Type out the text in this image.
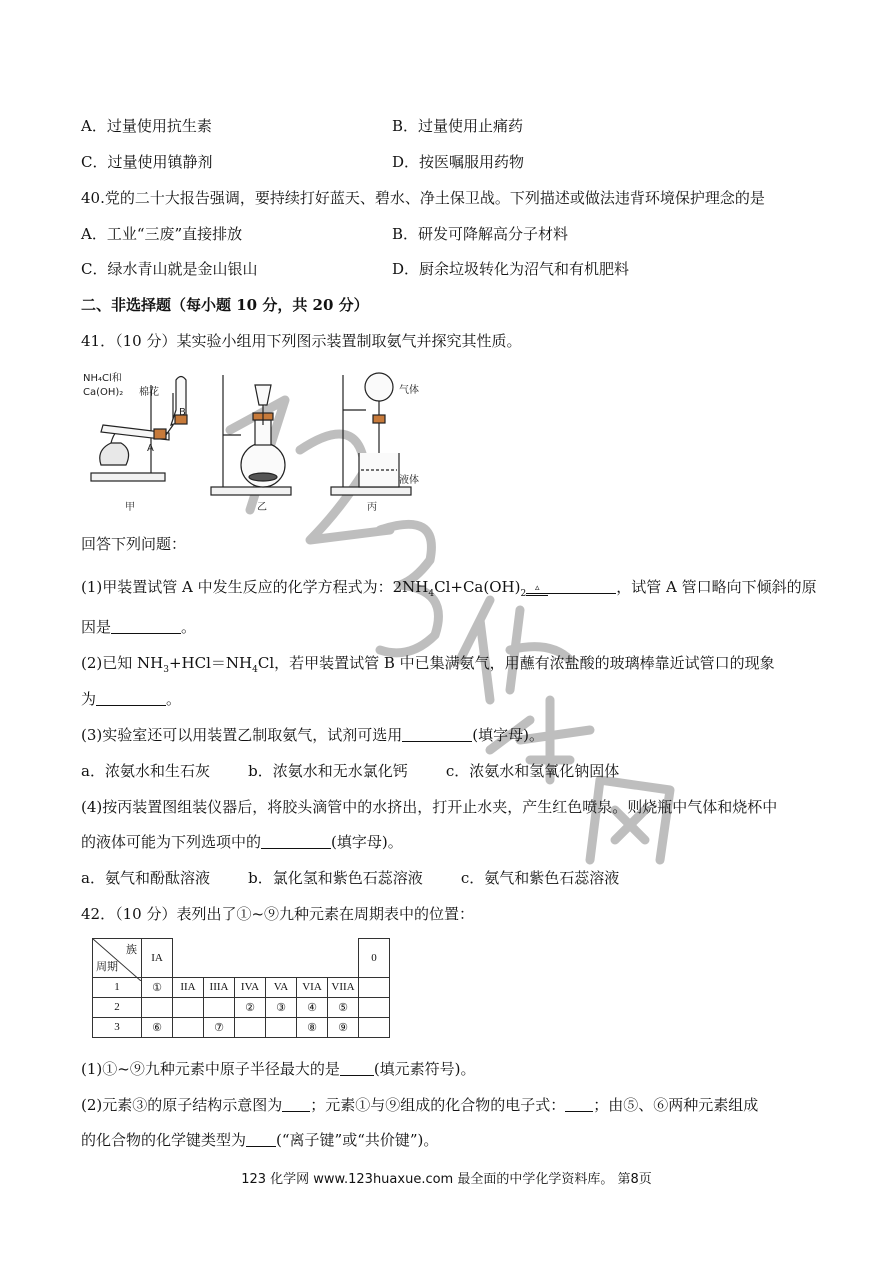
A．过量使用抗生素	B．过量使用止痛药
C．过量使用镇静剂	D．按医嘱服用药物
40.党的二十大报告强调，要持续打好蓝天、碧水、净土保卫战。下列描述或做法违背环境保护理念的是
A．工业“三废”直接排放	B．研发可降解高分子材料
C．绿水青山就是金山银山	D．厨余垃圾转化为沼气和有机肥料
二、非选择题（每小题 10 分，共 20 分）
41．（10 分）某实验小组用下列图示装置制取氨气并探究其性质。
NH₄Cl和
Ca(OH)₂ 棉花
A
B
气体
液体
甲	乙	丙
回答下列问题：
(1)甲装置试管 A 中发生反应的化学方程式为：$2NH_4Cl+Ca(OH)_2▵$	，试管 A 管口略向下倾斜的原
因是	。
(2)已知 $NH_3+HCl=NH_4Cl$，若甲装置试管 B 中已集满氨气，用蘸有浓盐酸的玻璃棒靠近试管口的现象
为	。
(3)实验室还可以用装置乙制取氨气，试剂可选用	(填字母)。
a．浓氨水和生石灰        b．浓氨水和无水氯化钙        c．浓氨水和氢氧化钠固体
(4)按丙装置图组装仪器后，将胶头滴管中的水挤出，打开止水夹，产生红色喷泉。则烧瓶中气体和烧杯中
的液体可能为下列选项中的	(填字母)。
a．氨气和酚酞溶液        b．氯化氢和紫色石蕊溶液        c．氨气和紫色石蕊溶液
42．（10 分）表列出了①~⑨九种元素在周期表中的位置：
族
周期	IA							0

1	①	IIA	IIIA	IVA	VA	VIA	VIIA	
2				②	③	④	⑤	
3	⑥		⑦			⑧	⑨	
(1)①~⑨九种元素中原子半径最大的是 (填元素符号)。
(2)元素③的原子结构示意图为 ；元素①与⑨组成的化合物的电子式： ；由⑤、⑥两种元素组成
的化合物的化学键类型为 (“离子键”或“共价键”)。
123 化学网 www.123huaxue.com 最全面的中学化学资料库。 第8页
